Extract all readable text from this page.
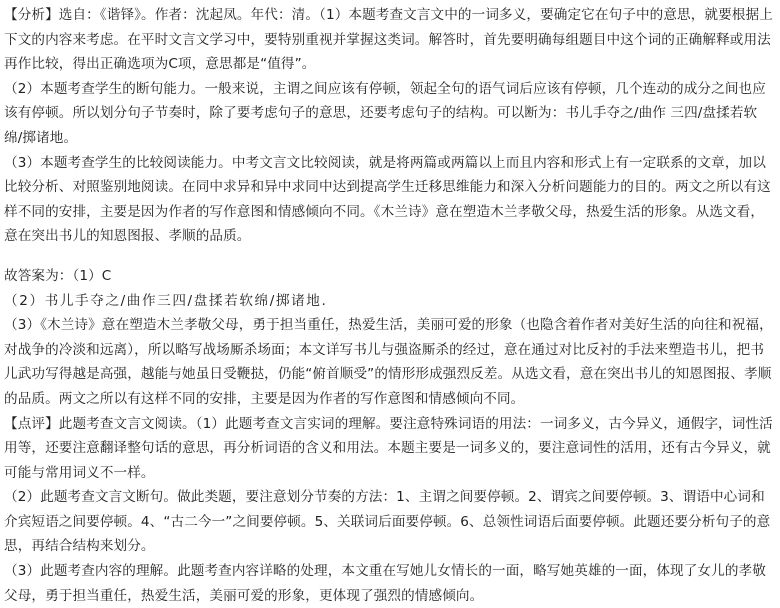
【分析】选自：《谐铎》。作者：沈起凤。年代：清。（1）本题考查文言文中的一词多义，要确定它在句子中的意思，就要根据上下文的内容来考虑。在平时文言文学习中，要特别重视并掌握这类词。解答时，首先要明确每组题目中这个词的正确解释或用法再作比较，得出正确选项为C项，意思都是“值得”。

（2）本题考查学生的断句能力。一般来说，主谓之间应该有停顿，领起全句的语气词后应该有停顿，几个连动的成分之间也应该有停顿。所以划分句子节奏时，除了要考虑句子的意思，还要考虑句子的结构。可以断为：书儿手夺之/曲作 三四/盘揉若软绵/掷诸地。

（3）本题考查学生的比较阅读能力。中考文言文比较阅读，就是将两篇或两篇以上而且内容和形式上有一定联系的文章，加以比较分析、对照鉴别地阅读。在同中求异和异中求同中达到提高学生迁移思维能力和深入分析问题能力的目的。两文之所以有这样不同的安排，主要是因为作者的写作意图和情感倾向不同。《木兰诗》意在塑造木兰孝敬父母，热爱生活的形象。从选文看，意在突出书儿的知恩图报、孝顺的品质。

故答案为：（1）C

（2）书儿手夺之/曲作三四/盘揉若软绵/掷诸地.

（3）《木兰诗》意在塑造木兰孝敬父母，勇于担当重任，热爱生活，美丽可爱的形象（也隐含着作者对美好生活的向往和祝福，对战争的冷淡和远离），所以略写战场厮杀场面；本文详写书儿与强盗厮杀的经过，意在通过对比反衬的手法来塑造书儿，把书儿武功写得越是高强，越能与她虽日受鞭挞，仍能“俯首顺受”的情形形成强烈反差。从选文看，意在突出书儿的知恩图报、孝顺的品质。两文之所以有这样不同的安排，主要是因为作者的写作意图和情感倾向不同。

【点评】此题考查文言文阅读。（1）此题考查文言实词的理解。要注意特殊词语的用法：一词多义，古今异义，通假字，词性活用等，还要注意翻译整句话的意思，再分析词语的含义和用法。本题主要是一词多义的，要注意词性的活用，还有古今异义，就可能与常用词义不一样。

（2）此题考查文言文断句。做此类题，要注意划分节奏的方法：1、主谓之间要停顿。2、谓宾之间要停顿。3、谓语中心词和介宾短语之间要停顿。4、“古二今一”之间要停顿。5、关联词后面要停顿。6、总领性词语后面要停顿。此题还要分析句子的意思，再结合结构来划分。

（3）此题考查内容的理解。此题考查内容详略的处理，本文重在写她儿女情长的一面，略写她英雄的一面，体现了女儿的孝敬父母，勇于担当重任，热爱生活，美丽可爱的形象，更体现了强烈的情感倾向。
